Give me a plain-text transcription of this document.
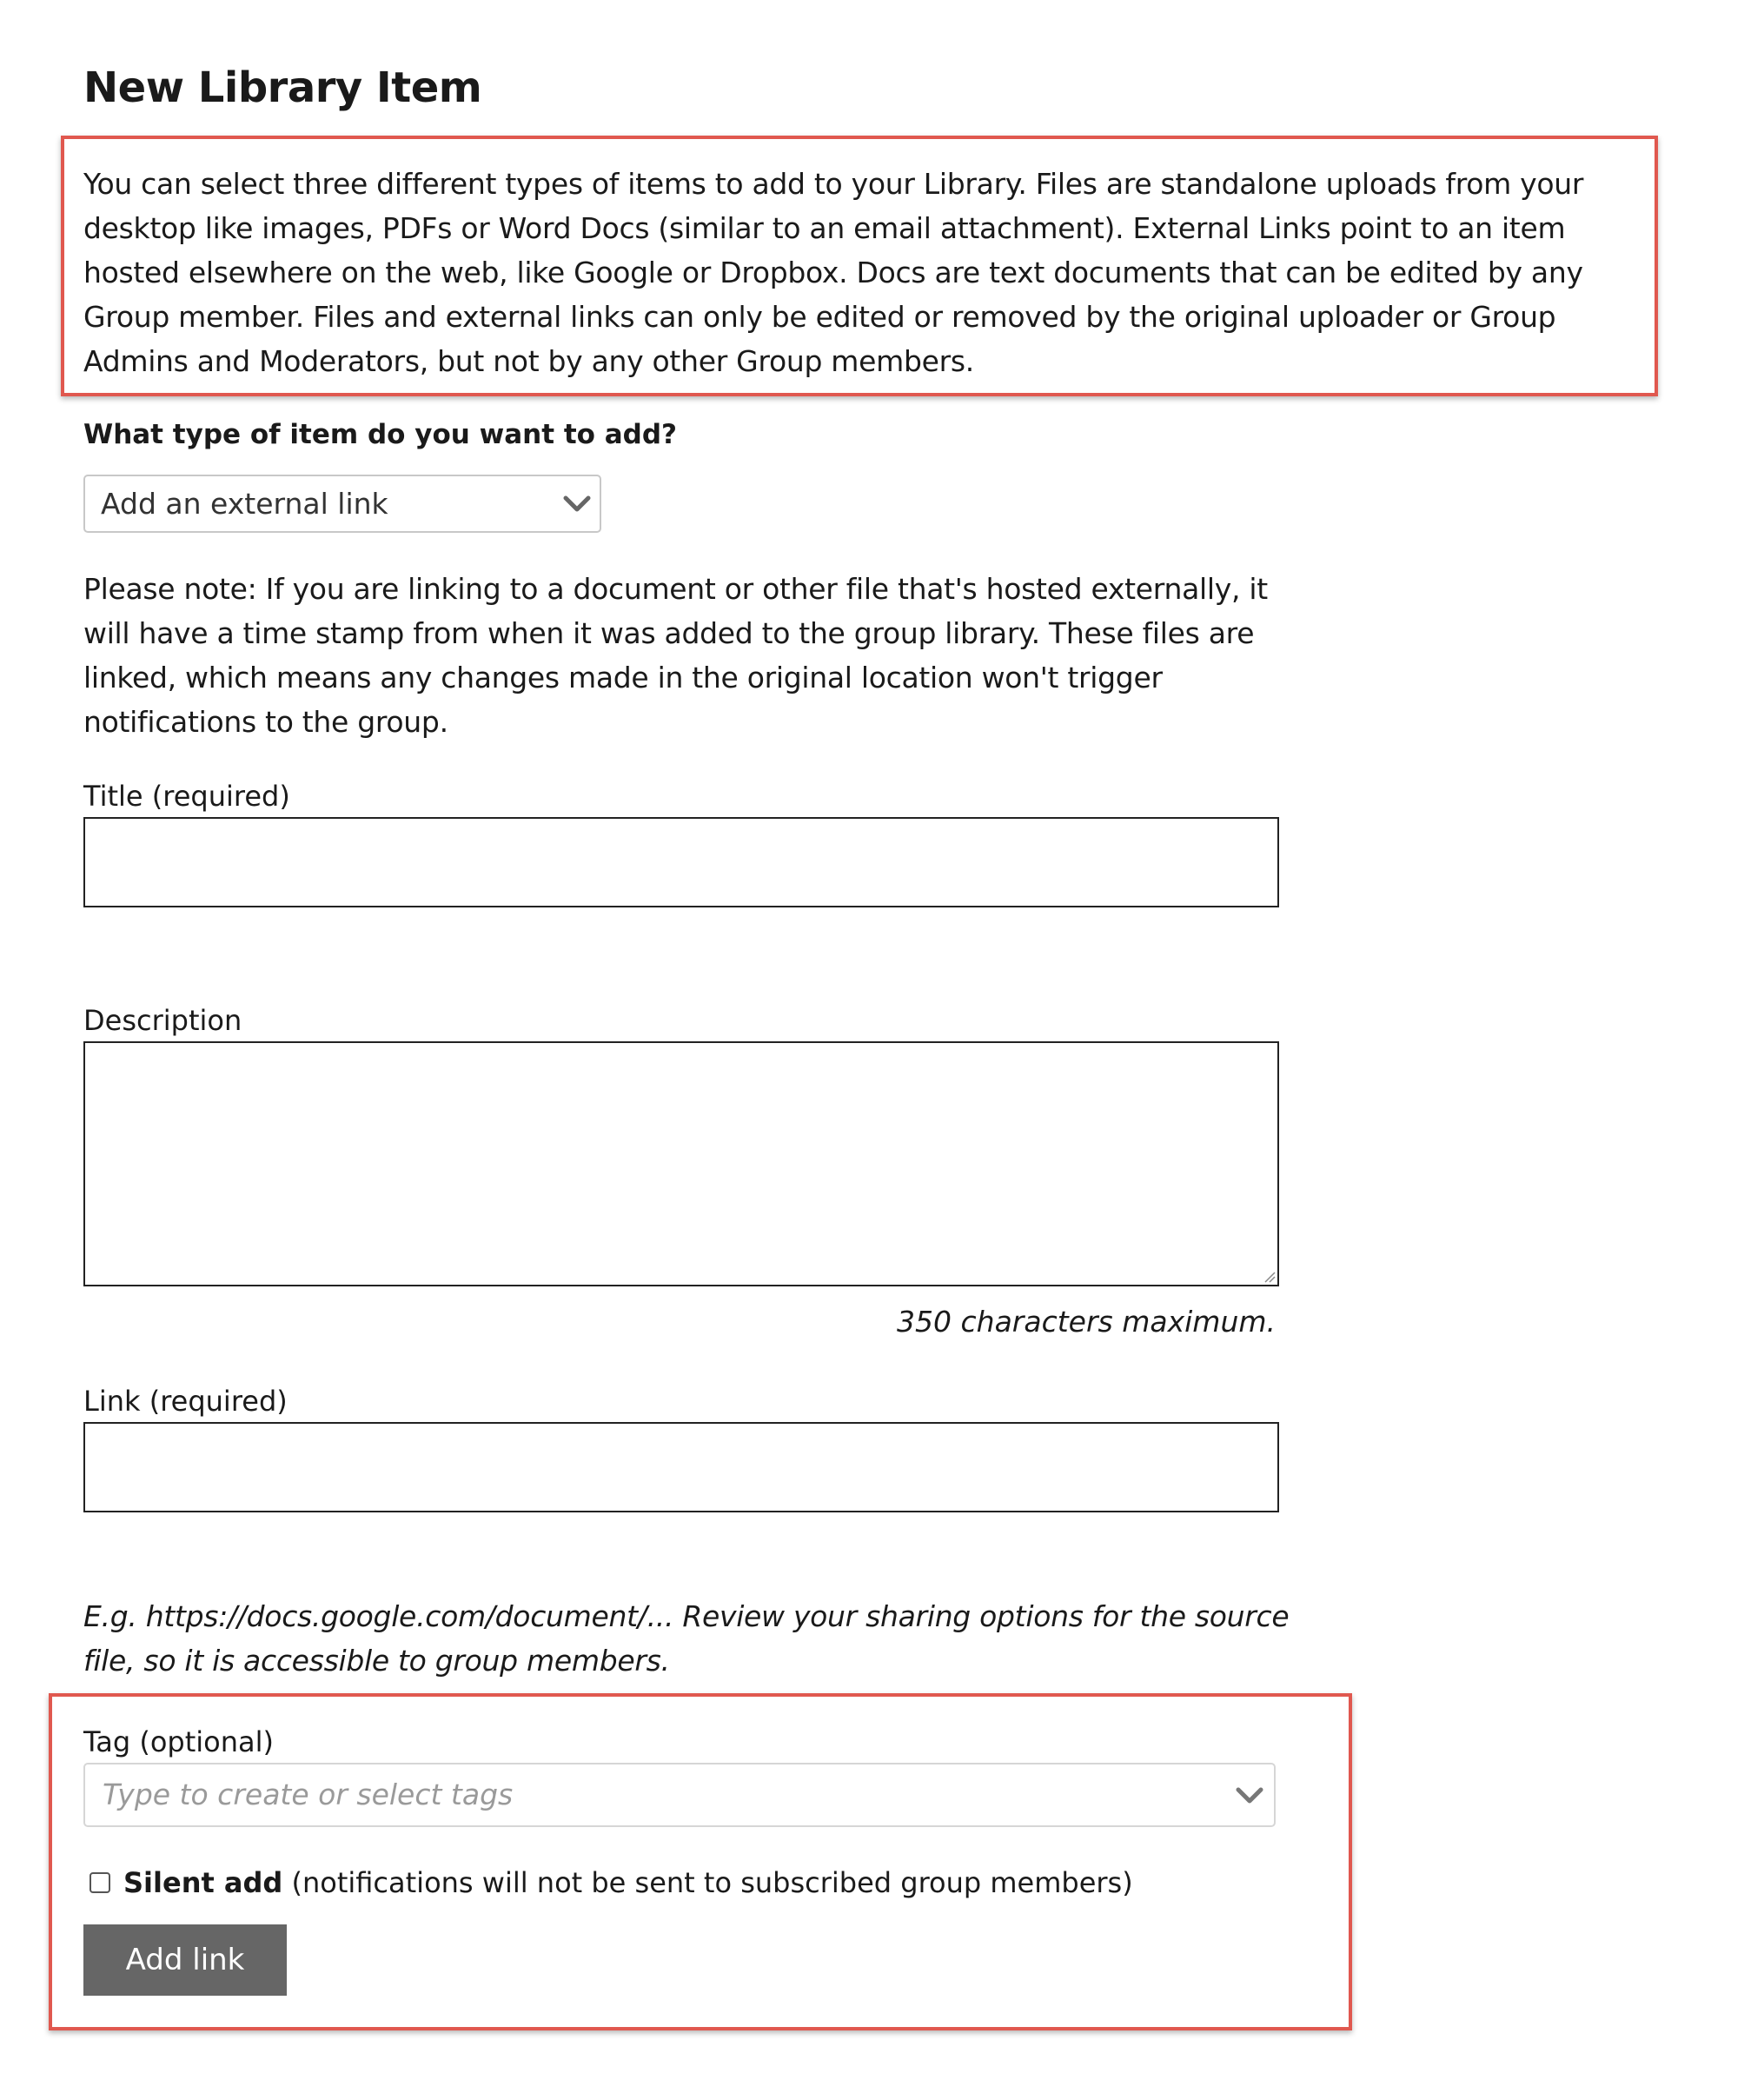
New Library Item
You can select three different types of items to add to your Library. Files are standalone uploads from your desktop like images, PDFs or Word Docs (similar to an email attachment). External Links point to an item hosted elsewhere on the web, like Google or Dropbox. Docs are text documents that can be edited by any Group member. Files and external links can only be edited or removed by the original uploader or Group Admins and Moderators, but not by any other Group members.
What type of item do you want to add?
Add an external link
Please note: If you are linking to a document or other file that's hosted externally, it will have a time stamp from when it was added to the group library. These files are linked, which means any changes made in the original location won't trigger notifications to the group.
Title (required)
Description
350 characters maximum.
Link (required)
E.g. https://docs.google.com/document/... Review your sharing options for the source file, so it is accessible to group members.
Tag (optional)
Type to create or select tags
Silent add (notifications will not be sent to subscribed group members)
Add link
